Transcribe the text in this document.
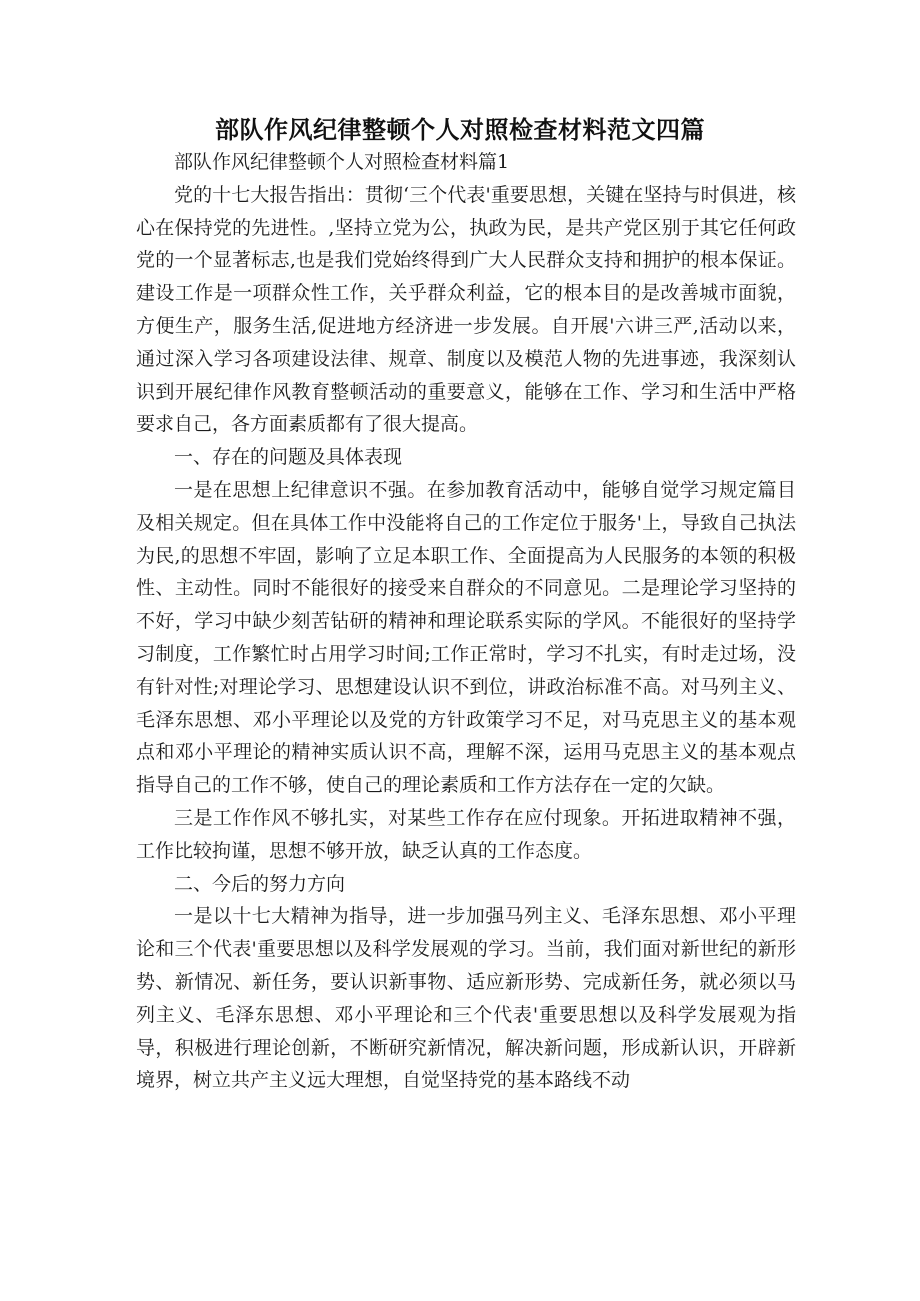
部队作风纪律整顿个人对照检查材料范文四篇

部队作风纪律整顿个人对照检查材料篇1

党的十七大报告指出：贯彻‘三个代表'重要思想，关键在坚持与时俱进，核心在保持党的先进性。,坚持立党为公，执政为民，是共产党区别于其它任何政党的一个显著标志,也是我们党始终得到广大人民群众支持和拥护的根本保证。建设工作是一项群众性工作，关乎群众利益，它的根本目的是改善城市面貌，方便生产，服务生活,促进地方经济进一步发展。自开展'六讲三严,活动以来，通过深入学习各项建设法律、规章、制度以及模范人物的先进事迹，我深刻认识到开展纪律作风教育整顿活动的重要意义，能够在工作、学习和生活中严格要求自己，各方面素质都有了很大提高。

一、存在的问题及具体表现

一是在思想上纪律意识不强。在参加教育活动中，能够自觉学习规定篇目及相关规定。但在具体工作中没能将自己的工作定位于服务'上，导致自己执法为民,的思想不牢固，影响了立足本职工作、全面提高为人民服务的本领的积极性、主动性。同时不能很好的接受来自群众的不同意见。二是理论学习坚持的不好，学习中缺少刻苦钻研的精神和理论联系实际的学风。不能很好的坚持学习制度，工作繁忙时占用学习时间;工作正常时，学习不扎实，有时走过场，没有针对性;对理论学习、思想建设认识不到位，讲政治标准不高。对马列主义、毛泽东思想、邓小平理论以及党的方针政策学习不足，对马克思主义的基本观点和邓小平理论的精神实质认识不高，理解不深，运用马克思主义的基本观点指导自己的工作不够，使自己的理论素质和工作方法存在一定的欠缺。

三是工作作风不够扎实，对某些工作存在应付现象。开拓进取精神不强，工作比较拘谨，思想不够开放，缺乏认真的工作态度。

二、今后的努力方向

一是以十七大精神为指导，进一步加强马列主义、毛泽东思想、邓小平理论和三个代表'重要思想以及科学发展观的学习。当前，我们面对新世纪的新形势、新情况、新任务，要认识新事物、适应新形势、完成新任务，就必须以马列主义、毛泽东思想、邓小平理论和三个代表'重要思想以及科学发展观为指导，积极进行理论创新，不断研究新情况，解决新问题，形成新认识，开辟新境界，树立共产主义远大理想，自觉坚持党的基本路线不动
